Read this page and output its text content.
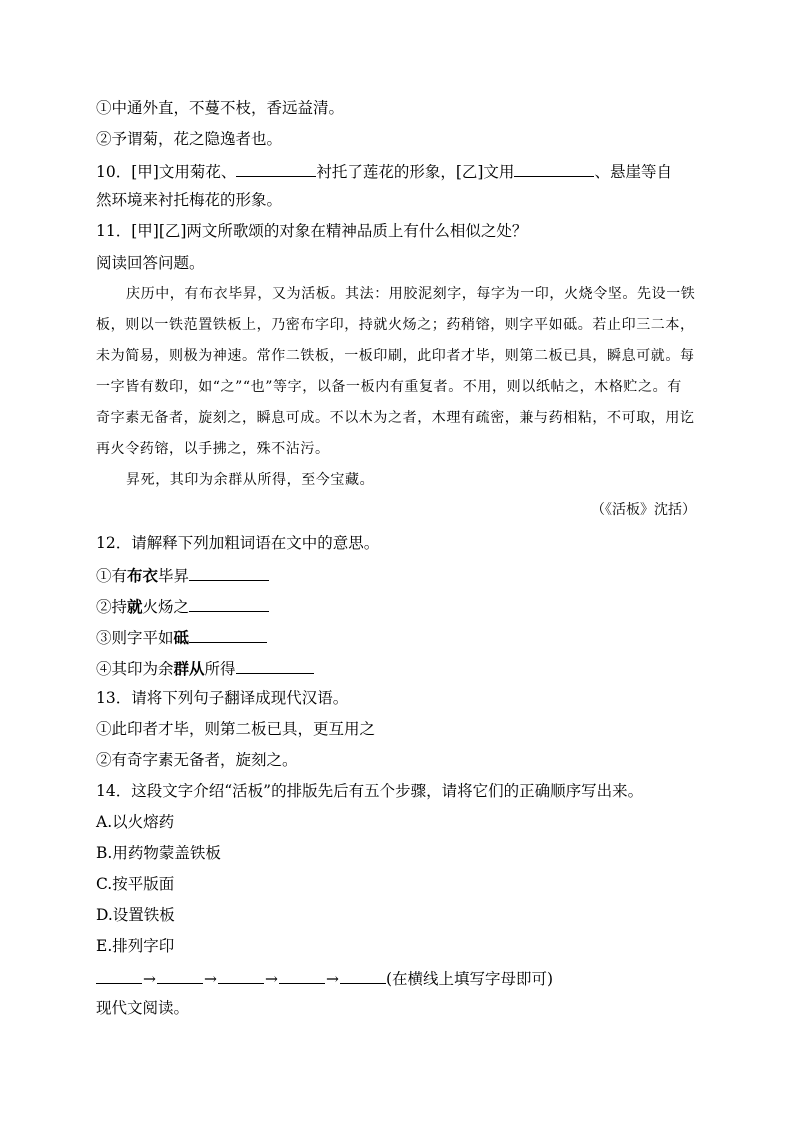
①中通外直，不蔓不枝，香远益清。
②予谓菊，花之隐逸者也。
10．[甲]文用菊花、	衬托了莲花的形象，[乙]文用	、悬崖等自
然环境来衬托梅花的形象。
11．[甲][乙]两文所歌颂的对象在精神品质上有什么相似之处？
阅读回答问题。
庆历中，有布衣毕昇，又为活板。其法：用胶泥刻字，每字为一印，火烧令坚。先设一铁板，则以一铁范置铁板上，乃密布字印，持就火炀之；药稍镕，则字平如砥。若止印三二本，未为简易，则极为神速。常作二铁板，一板印刷，此印者才毕，则第二板已具，瞬息可就。每一字皆有数印，如“之”“也”等字，以备一板内有重复者。不用，则以纸帖之，木格贮之。有奇字素无备者，旋刻之，瞬息可成。不以木为之者，木理有疏密，兼与药相粘，不可取，用讫再火令药镕，以手拂之，殊不沾污。
昇死，其印为余群从所得，至今宝藏。
（《活板》沈括）
12．请解释下列加粗词语在文中的意思。
①有布衣毕昇
②持就火炀之
③则字平如砥
④其印为余群从所得
13．请将下列句子翻译成现代汉语。
①此印者才毕，则第二板已具，更互用之
②有奇字素无备者，旋刻之。
14．这段文字介绍“活板”的排版先后有五个步骤，请将它们的正确顺序写出来。
A.以火熔药
B.用药物蒙盖铁板
C.按平版面
D.设置铁板
E.排列字印
→	→	→	→	(在横线上填写字母即可)
现代文阅读。
